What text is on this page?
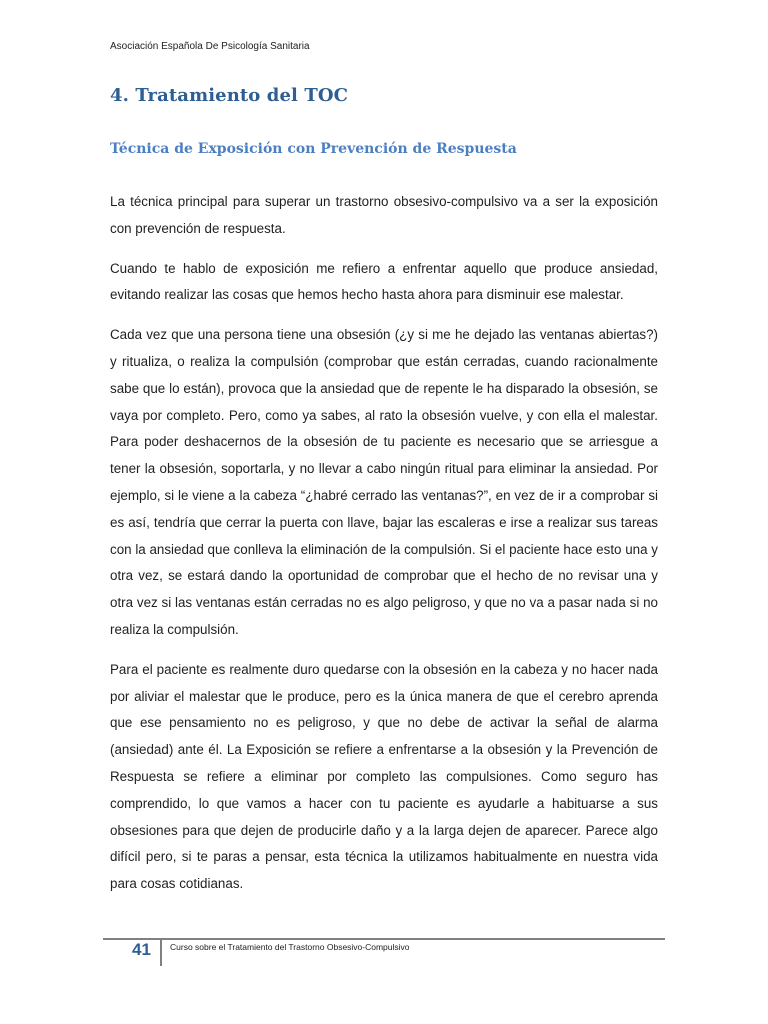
Asociación Española De Psicología Sanitaria
4. Tratamiento del TOC
Técnica de Exposición con Prevención de Respuesta

La técnica principal para superar un trastorno obsesivo-compulsivo va a ser la exposición con prevención de respuesta.

Cuando te hablo de exposición me refiero a enfrentar aquello que produce ansiedad, evitando realizar las cosas que hemos hecho hasta ahora para disminuir ese malestar.

Cada vez que una persona tiene una obsesión (¿y si me he dejado las ventanas abiertas?) y ritualiza, o realiza la compulsión (comprobar que están cerradas, cuando racionalmente sabe que lo están), provoca que la ansiedad que de repente le ha disparado la obsesión, se vaya por completo. Pero, como ya sabes, al rato la obsesión vuelve, y con ella el malestar. Para poder deshacernos de la obsesión de tu paciente es necesario que se arriesgue a tener la obsesión, soportarla, y no llevar a cabo ningún ritual para eliminar la ansiedad. Por ejemplo, si le viene a la cabeza “¿habré cerrado las ventanas?”, en vez de ir a comprobar si es así, tendría que cerrar la puerta con llave, bajar las escaleras e irse a realizar sus tareas con la ansiedad que conlleva la eliminación de la compulsión. Si el paciente hace esto una y otra vez, se estará dando la oportunidad de comprobar que el hecho de no revisar una y otra vez si las ventanas están cerradas no es algo peligroso, y que no va a pasar nada si no realiza la compulsión.

Para el paciente es realmente duro quedarse con la obsesión en la cabeza y no hacer nada por aliviar el malestar que le produce, pero es la única manera de que el cerebro aprenda que ese pensamiento no es peligroso, y que no debe de activar la señal de alarma (ansiedad) ante él. La Exposición se refiere a enfrentarse a la obsesión y la Prevención de Respuesta se refiere a eliminar por completo las compulsiones. Como seguro has comprendido, lo que vamos a hacer con tu paciente es ayudarle a habituarse a sus obsesiones para que dejen de producirle daño y a la larga dejen de aparecer. Parece algo difícil pero, si te paras a pensar, esta técnica la utilizamos habitualmente en nuestra vida para cosas cotidianas.

41 Curso sobre el Tratamiento del Trastorno Obsesivo-Compulsivo
